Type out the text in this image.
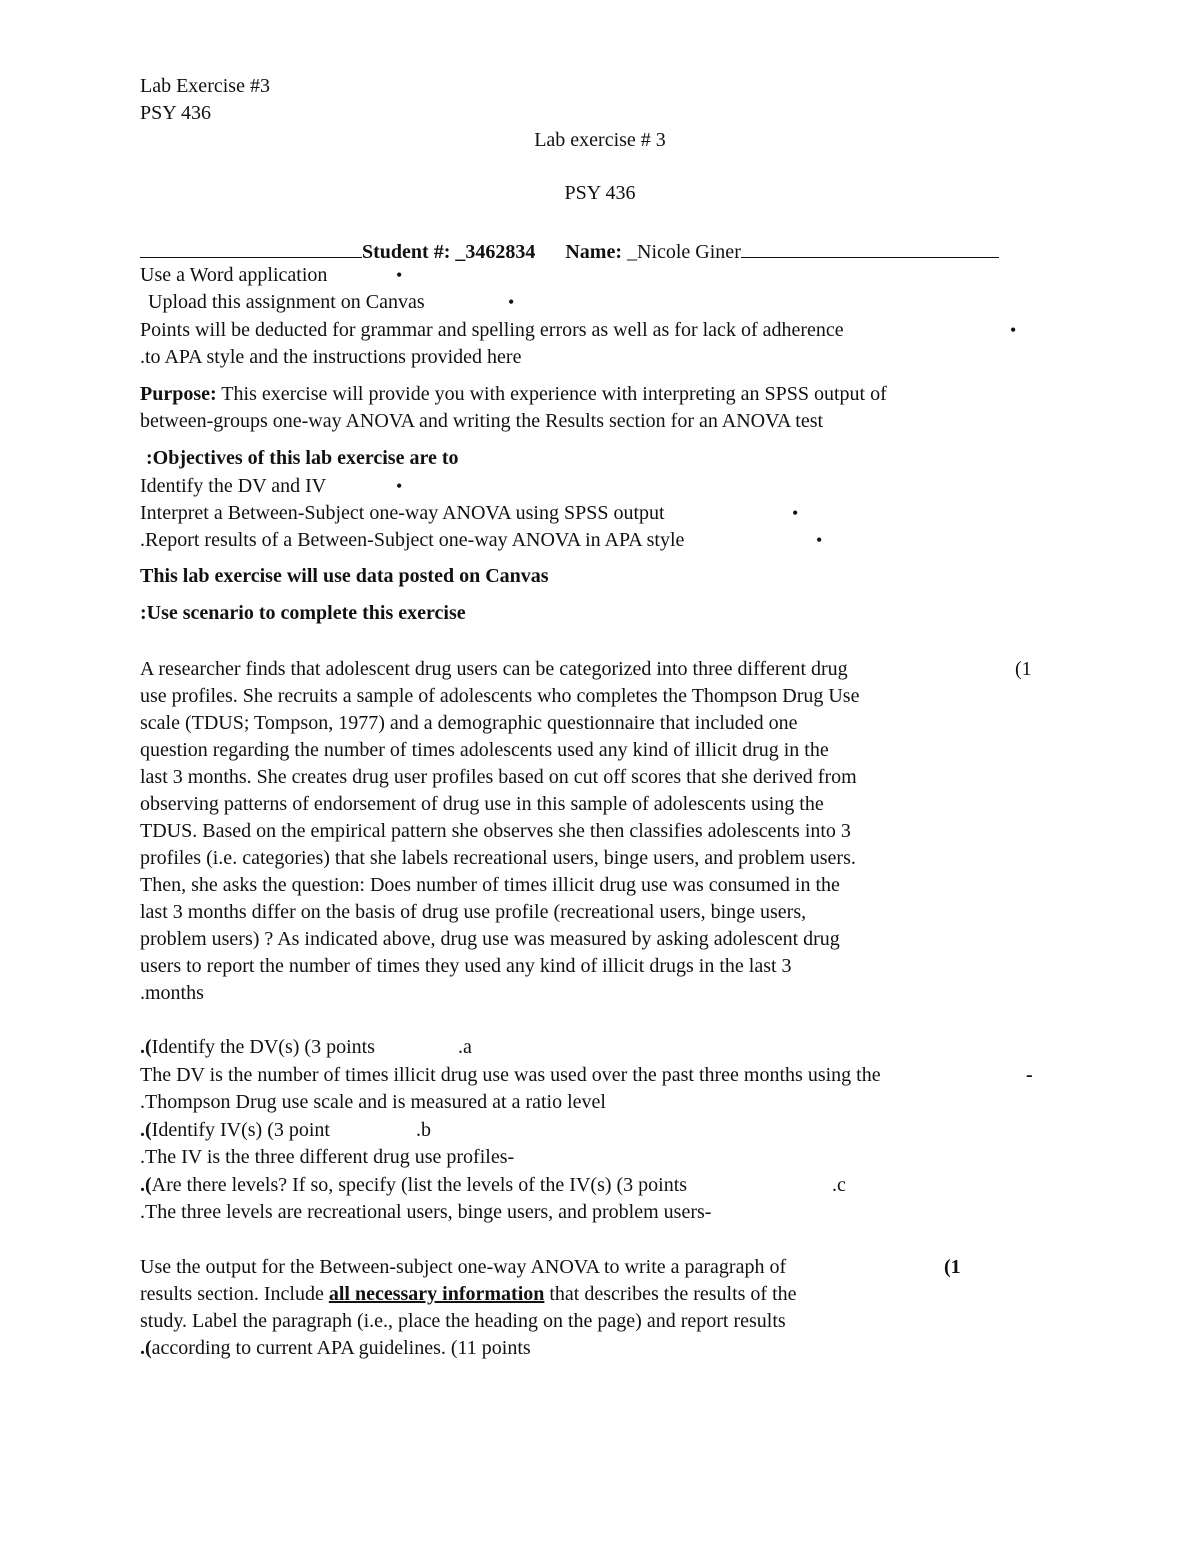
Lab Exercise #3
PSY 436
Lab exercise # 3
PSY 436
Student #: _3462834 Name: _Nicole Giner
Use a Word application	•
Upload this assignment on Canvas	•
Points will be deducted for grammar and spelling errors as well as for lack of adherence	•
.to APA style and the instructions provided here
Purpose: This exercise will provide you with experience with interpreting an SPSS output of
between-groups one-way ANOVA and writing the Results section for an ANOVA test
:Objectives of this lab exercise are to
Identify the DV and IV	•
Interpret a Between-Subject one-way ANOVA using SPSS output	•
.Report results of a Between-Subject one-way ANOVA in APA style	•
This lab exercise will use data posted on Canvas
:Use scenario to complete this exercise
A researcher finds that adolescent drug users can be categorized into three different drug	(1
use profiles. She recruits a sample of adolescents who completes the Thompson Drug Use
scale (TDUS; Tompson, 1977) and a demographic questionnaire that included one
question regarding the number of times adolescents used any kind of illicit drug in the
last 3 months. She creates drug user profiles based on cut off scores that she derived from
observing patterns of endorsement of drug use in this sample of adolescents using the
TDUS. Based on the empirical pattern she observes she then classifies adolescents into 3
profiles (i.e. categories) that she labels recreational users, binge users, and problem users.
Then, she asks the question: Does number of times illicit drug use was consumed in the
last 3 months differ on the basis of drug use profile (recreational users, binge users,
problem users) ? As indicated above, drug use was measured by asking adolescent drug
users to report the number of times they used any kind of illicit drugs in the last 3
.months
.(Identify the DV(s) (3 points	.a
The DV is the number of times illicit drug use was used over the past three months using the	-
.Thompson Drug use scale and is measured at a ratio level
.(Identify IV(s) (3 point	.b
.The IV is the three different drug use profiles-
.(Are there levels? If so, specify (list the levels of the IV(s) (3 points	.c
.The three levels are recreational users, binge users, and problem users-
Use the output for the Between-subject one-way ANOVA to write a paragraph of	(1
results section. Include all necessary information that describes the results of the
study. Label the paragraph (i.e., place the heading on the page) and report results
.(according to current APA guidelines. (11 points
